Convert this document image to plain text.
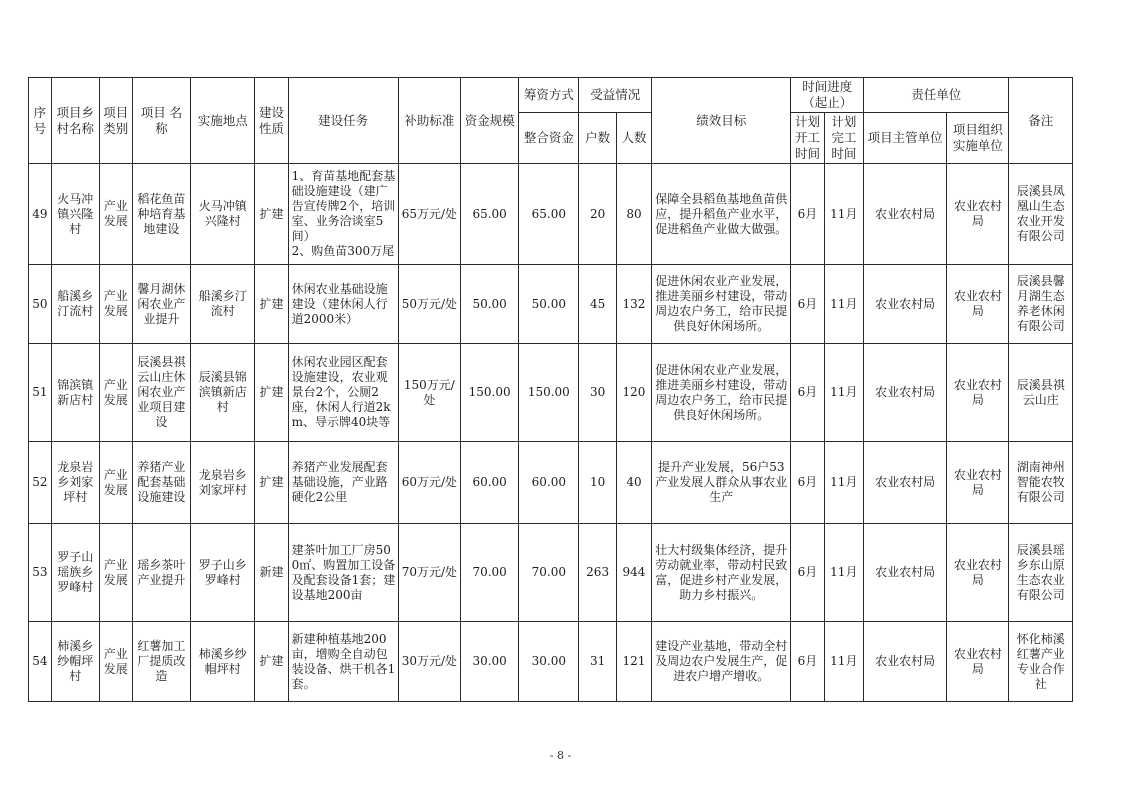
序号	项目乡村名称	项目类别	项目 名称	实施地点	建设性质	建设任务	补助标准	资金规模	筹资方式	受益情况		绩效目标	时间进度（起止）		责任单位		备注
									整合资金	户数	人数		计划开工时间	计划完工时间	项目主管单位	项目组织实施单位	
49	火马冲镇兴隆村	产业发展	稻花鱼苗种培育基地建设	火马冲镇兴隆村	扩建	1、育苗基地配套基础设施建设（建广告宣传牌2个，培训室、业务洽谈室5间）
2、购鱼苗300万尾	65万元/处	65.00	65.00	20	80	保障全县稻鱼基地鱼苗供应，提升稻鱼产业水平，促进稻鱼产业做大做强。	6月	11月	农业农村局	农业农村局	辰溪县凤凰山生态农业开发有限公司
50	船溪乡汀流村	产业发展	馨月湖休闲农业产业提升	船溪乡汀流村	扩建	休闲农业基础设施建设（建休闲人行道2000米）	50万元/处	50.00	50.00	45	132	促进休闲农业产业发展，推进美丽乡村建设，带动周边农户务工，给市民提供良好休闲场所。	6月	11月	农业农村局	农业农村局	辰溪县馨月湖生态养老休闲有限公司
51	锦滨镇新店村	产业发展	辰溪县祺云山庄休闲农业产业项目建设	辰溪县锦滨镇新店村	扩建	休闲农业园区配套设施建设，农业观景台2个，公厕2座，休闲人行道2km、导示牌40块等	150万元/处	150.00	150.00	30	120	促进休闲农业产业发展，推进美丽乡村建设，带动周边农户务工，给市民提供良好休闲场所。	6月	11月	农业农村局	农业农村局	辰溪县祺云山庄
52	龙泉岩乡刘家坪村	产业发展	养猪产业配套基础设施建设	龙泉岩乡刘家坪村	扩建	养猪产业发展配套基础设施，产业路硬化2公里	60万元/处	60.00	60.00	10	40	提升产业发展，56户53产业发展人群众从事农业生产	6月	11月	农业农村局	农业农村局	湖南神州智能农牧有限公司
53	罗子山瑶族乡罗峰村	产业发展	瑶乡茶叶产业提升	罗子山乡罗峰村	新建	建茶叶加工厂房500㎡、购置加工设备及配套设备1套；建设基地200亩	70万元/处	70.00	70.00	263	944	壮大村级集体经济，提升劳动就业率，带动村民致富，促进乡村产业发展，助力乡村振兴。	6月	11月	农业农村局	农业农村局	辰溪县瑶乡东山原生态农业有限公司
54	柿溪乡纱帽坪村	产业发展	红薯加工厂提质改造	柿溪乡纱帽坪村	扩建	新建种植基地200亩，增购全自动包装设备、烘干机各1套。	30万元/处	30.00	30.00	31	121	建设产业基地，带动全村及周边农户发展生产，促进农户增产增收。	6月	11月	农业农村局	农业农村局	怀化柿溪红薯产业专业合作社
- 8 -
